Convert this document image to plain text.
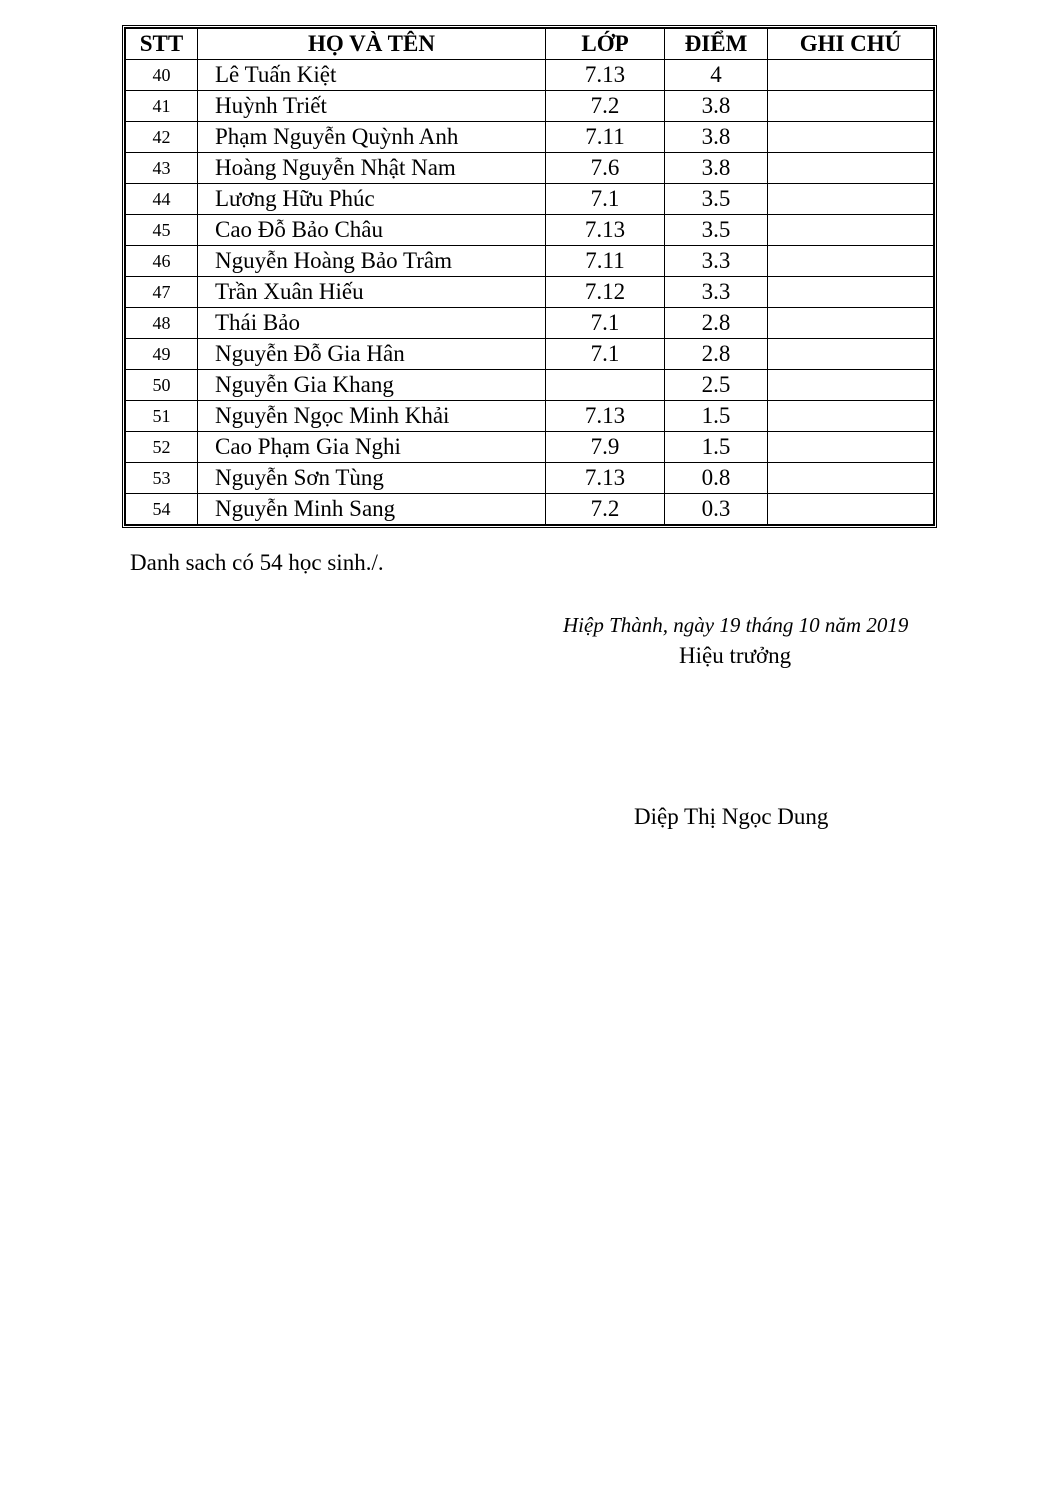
STT	HỌ VÀ TÊN	LỚP	ĐIỂM	GHI CHÚ
40	Lê Tuấn Kiệt	7.13	4	
41	Huỳnh Triết	7.2	3.8	
42	Phạm Nguyễn Quỳnh Anh	7.11	3.8	
43	Hoàng Nguyễn Nhật Nam	7.6	3.8	
44	Lương Hữu Phúc	7.1	3.5	
45	Cao Đỗ Bảo Châu	7.13	3.5	
46	Nguyễn Hoàng Bảo Trâm	7.11	3.3	
47	Trần Xuân Hiếu	7.12	3.3	
48	Thái Bảo	7.1	2.8	
49	Nguyễn Đỗ Gia Hân	7.1	2.8	
50	Nguyễn Gia Khang		2.5	
51	Nguyễn Ngọc Minh Khải	7.13	1.5	
52	Cao Phạm Gia Nghi	7.9	1.5	
53	Nguyễn Sơn Tùng	7.13	0.8	
54	Nguyễn Minh Sang	7.2	0.3	
Danh sach có 54 học sinh./.
Hiệp Thành, ngày 19 tháng 10 năm 2019
Hiệu trưởng
Diệp Thị Ngọc Dung
